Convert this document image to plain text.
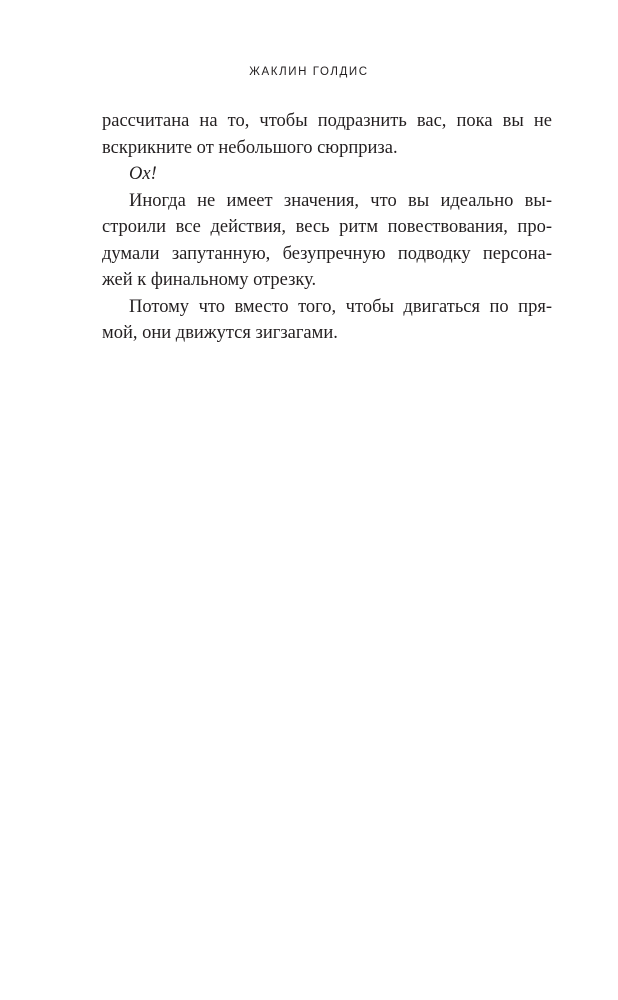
ЖАКЛИН ГОЛДИС
рассчитана на то, чтобы подразнить вас, пока вы не
вскрикните от небольшого сюрприза.
Ох!
Иногда не имеет значения, что вы идеально вы-
строили все действия, весь ритм повествования, про-
думали запутанную, безупречную подводку персона-
жей к финальному отрезку.
Потому что вместо того, чтобы двигаться по пря-
мой, они движутся зигзагами.
